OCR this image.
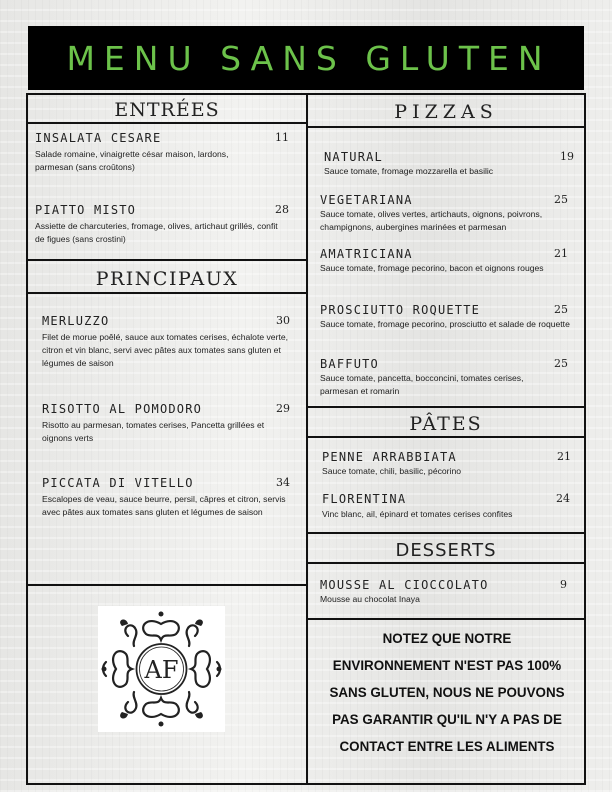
MENU SANS GLUTEN
ENTRÉES
PRINCIPAUX
PIZZAS
PÂTES
DESSERTS
INSALATA CESARE	11
Salade romaine, vinaigrette césar maison, lardons, parmesan (sans croûtons)
PIATTO MISTO	28
Assiette de charcuteries, fromage, olives, artichaut grillés, confit de figues (sans crostini)
MERLUZZO	30
Filet de morue poêlé, sauce aux tomates cerises, échalote verte, citron et vin blanc, servi avec pâtes aux tomates sans gluten et légumes de saison
RISOTTO AL POMODORO	29
Risotto au parmesan, tomates cerises, Pancetta grillées et oignons verts
PICCATA DI VITELLO	34
Escalopes de veau, sauce beurre, persil, câpres et citron, servis avec pâtes aux tomates sans gluten et légumes de saison
AF
NATURAL	19
Sauce tomate, fromage mozzarella et basilic
VEGETARIANA	25
Sauce tomate, olives vertes, artichauts, oignons, poivrons, champignons, aubergines marinées et parmesan
AMATRICIANA	21
Sauce tomate, fromage pecorino, bacon et oignons rouges
PROSCIUTTO ROQUETTE	25
Sauce tomate, fromage pecorino, prosciutto et salade de roquette
BAFFUTO	25
Sauce tomate, pancetta, bocconcini, tomates cerises, parmesan et romarin
PENNE ARRABBIATA	21
Sauce tomate, chili, basilic, pécorino
FLORENTINA	24
Vinc blanc, ail, épinard et tomates cerises confites
MOUSSE AL CIOCCOLATO	9
Mousse au chocolat Inaya
NOTEZ QUE NOTRE
ENVIRONNEMENT N'EST PAS 100%
SANS GLUTEN, NOUS NE POUVONS
PAS GARANTIR QU'IL N'Y A PAS DE
CONTACT ENTRE LES ALIMENTS
